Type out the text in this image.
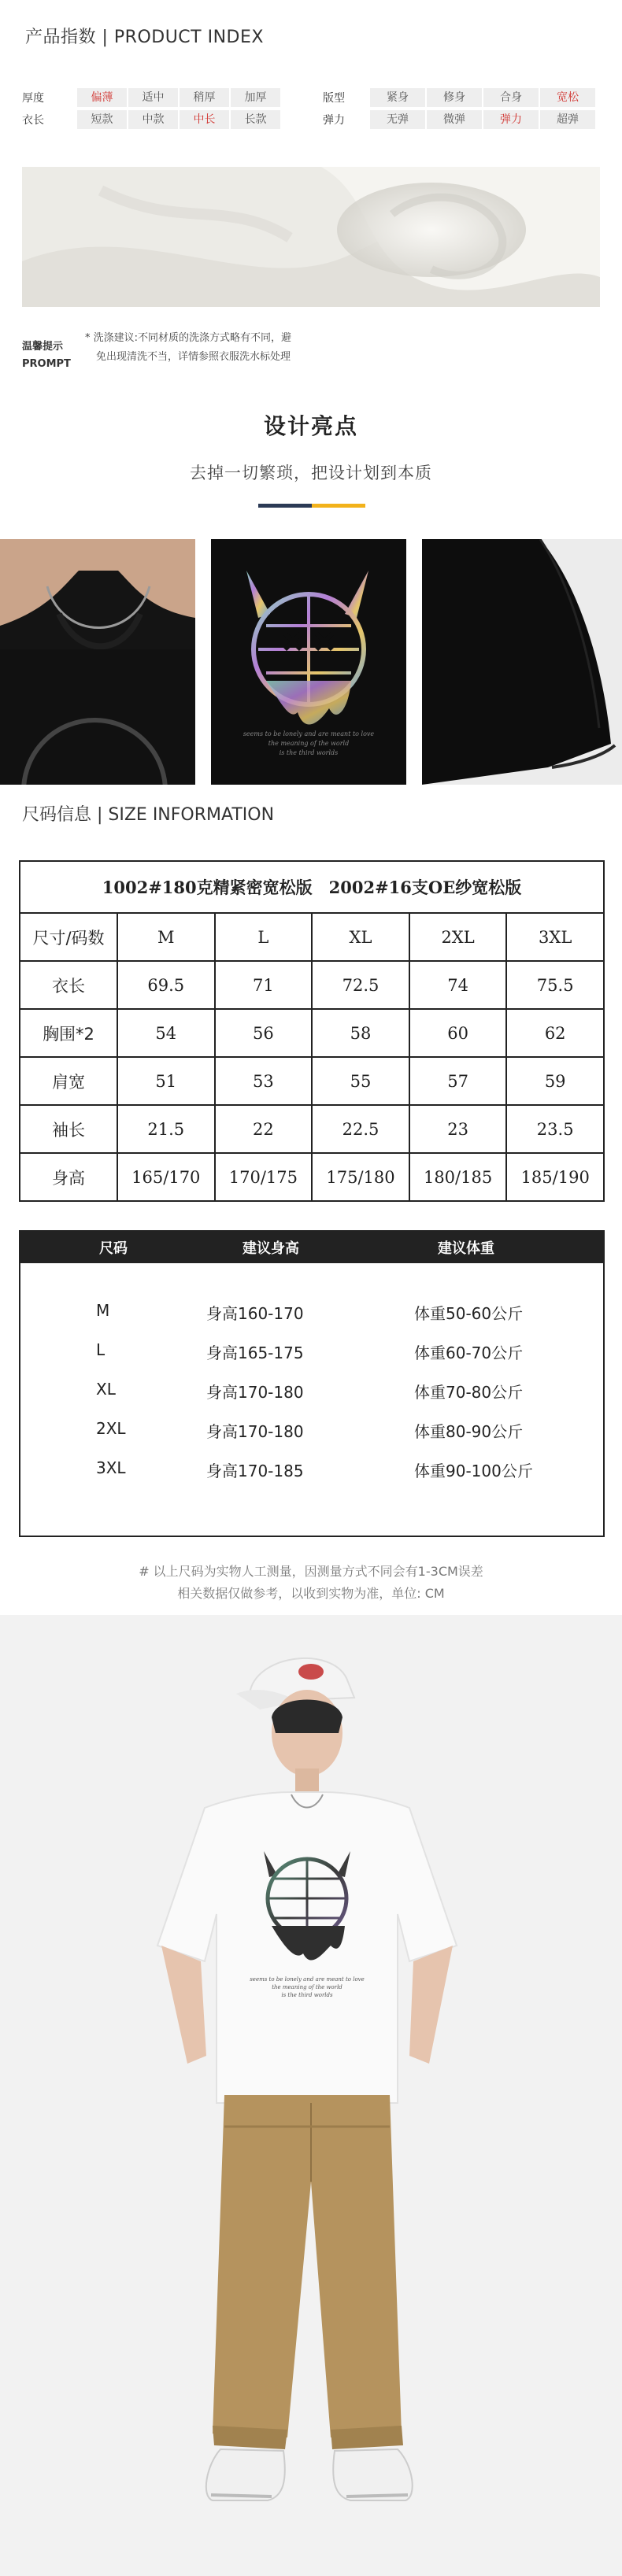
产品指数 | PRODUCT INDEX
厚度	偏薄	适中	稍厚	加厚
衣长	短款	中款	中长	长款
版型	紧身	修身	合身	宽松
弹力	无弹	微弹	弹力	超弹
温馨提示
PROMPT
* 洗涤建议:不同材质的洗涤方式略有不同，避
免出现清洗不当，详情参照衣服洗水标处理
设计亮点
去掉一切繁琐，把设计划到本质
seems to be lonely and are meant to love
the meaning of the world
is the third worlds
尺码信息 | SIZE INFORMATION
1002#180克精紧密宽松版　2002#16支OE纱宽松版					
尺寸/码数	M	L	XL	2XL	3XL
衣长	69.5	71	72.5	74	75.5
胸围*2	54	56	58	60	62
肩宽	51	53	55	57	59
袖长	21.5	22	22.5	23	23.5
身高	165/170	170/175	175/180	180/185	185/190
尺码	建议身高	建议体重
M	身高160-170	体重50-60公斤
L	身高165-175	体重60-70公斤
XL	身高170-180	体重70-80公斤
2XL	身高170-180	体重80-90公斤
3XL	身高170-185	体重90-100公斤
# 以上尺码为实物人工测量，因测量方式不同会有1-3CM误差
相关数据仅做参考，以收到实物为准，单位: CM
seems to be lonely and are meant to love
the meaning of the world
is the third worlds
